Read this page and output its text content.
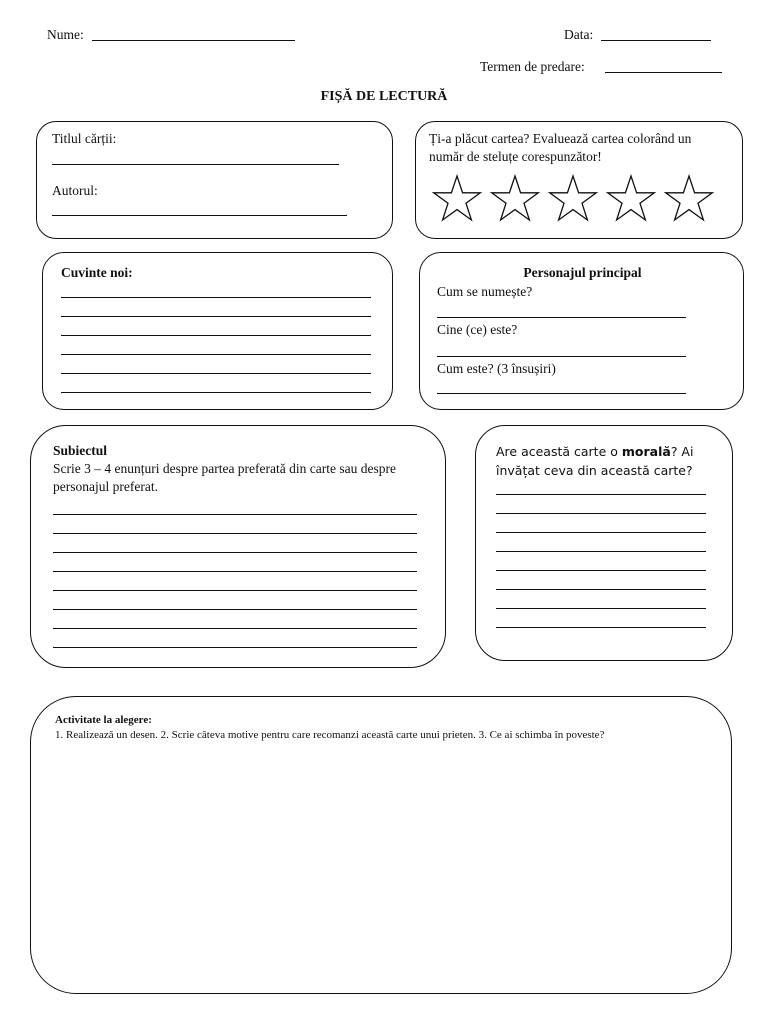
Nume:	Data:
Termen de predare:
FIȘĂ DE LECTURĂ
Titlul cărții:
Autorul:
Ți-a plăcut cartea? Evaluează cartea colorând un număr de steluțe corespunzător!
Cuvinte noi:	Personajul principal
Cum se numește?
Cine (ce) este?
Cum este? (3 însușiri)
Subiectul
Scrie 3 – 4 enunțuri despre partea preferată din carte sau despre personajul preferat.
Are această carte o morală? Ai învățat ceva din această carte?
Activitate la alegere:
1. Realizează un desen. 2. Scrie câteva motive pentru care recomanzi această carte unui prieten. 3. Ce ai schimba în poveste?
